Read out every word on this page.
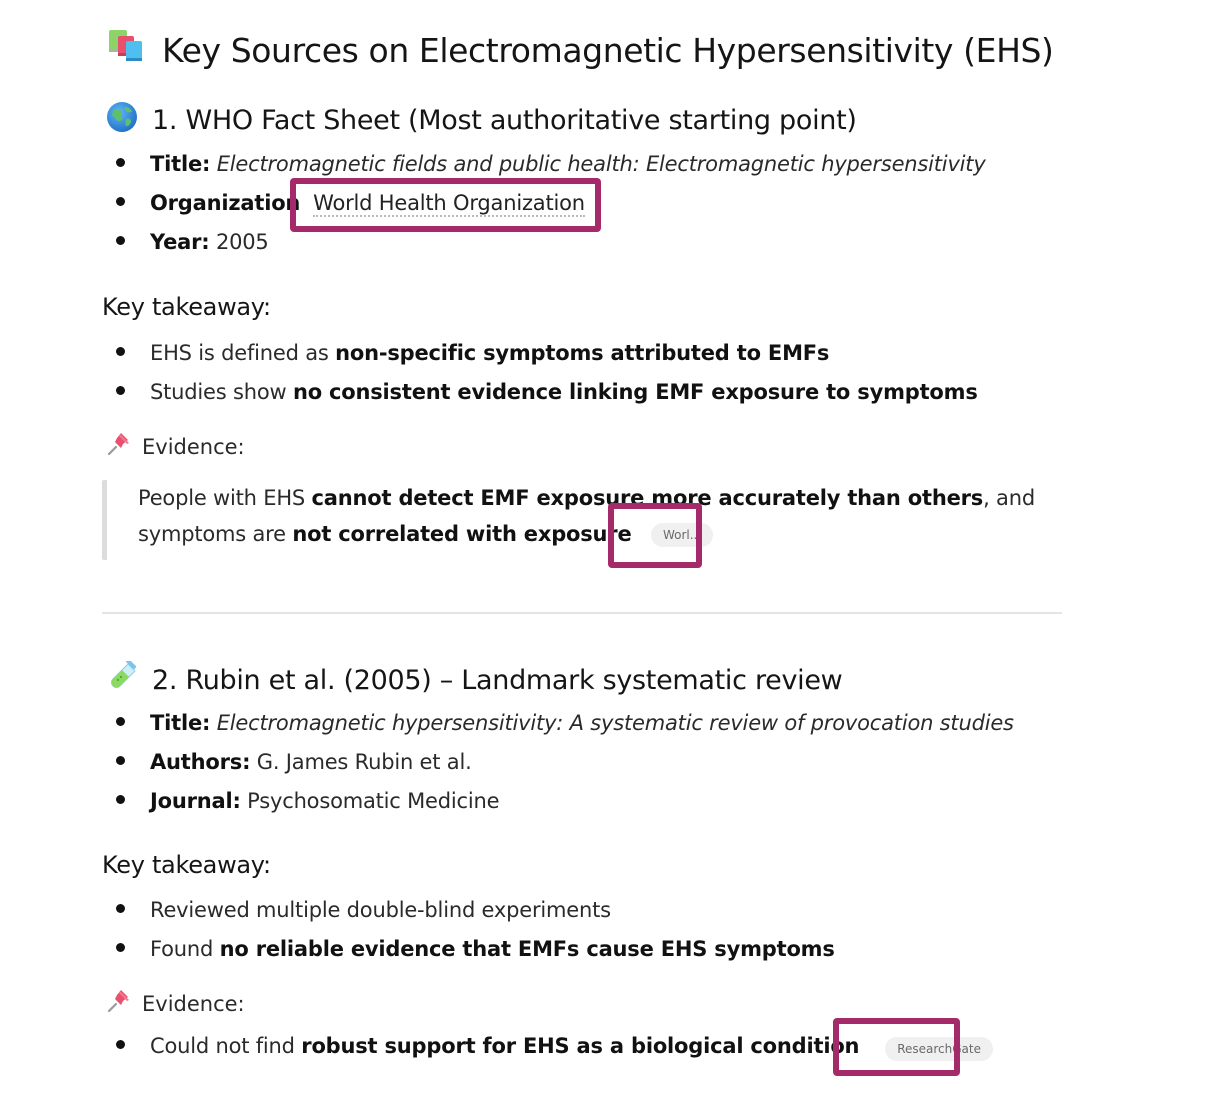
Key Sources on Electromagnetic Hypersensitivity (EHS)
1. WHO Fact Sheet (Most authoritative starting point)
Title:
Electromagnetic fields and public health: Electromagnetic hypersensitivity
Organization
World Health Organization
Year:
2005
Key takeaway:
EHS is defined as
non-specific symptoms attributed to EMFs
Studies show
no consistent evidence linking EMF exposure to symptoms
Evidence:
People with EHS cannot detect EMF exposure more accurately than others, and
symptoms are not correlated with exposure	Worl...
2. Rubin et al. (2005) – Landmark systematic review
Title:
Electromagnetic hypersensitivity: A systematic review of provocation studies
Authors:
G. James Rubin et al.
Journal:
Psychosomatic Medicine
Key takeaway:
Reviewed multiple double-blind experiments
Found
no reliable evidence that EMFs cause EHS symptoms
Evidence:
Could not find
robust support for EHS as a biological condition
	ResearchGate
